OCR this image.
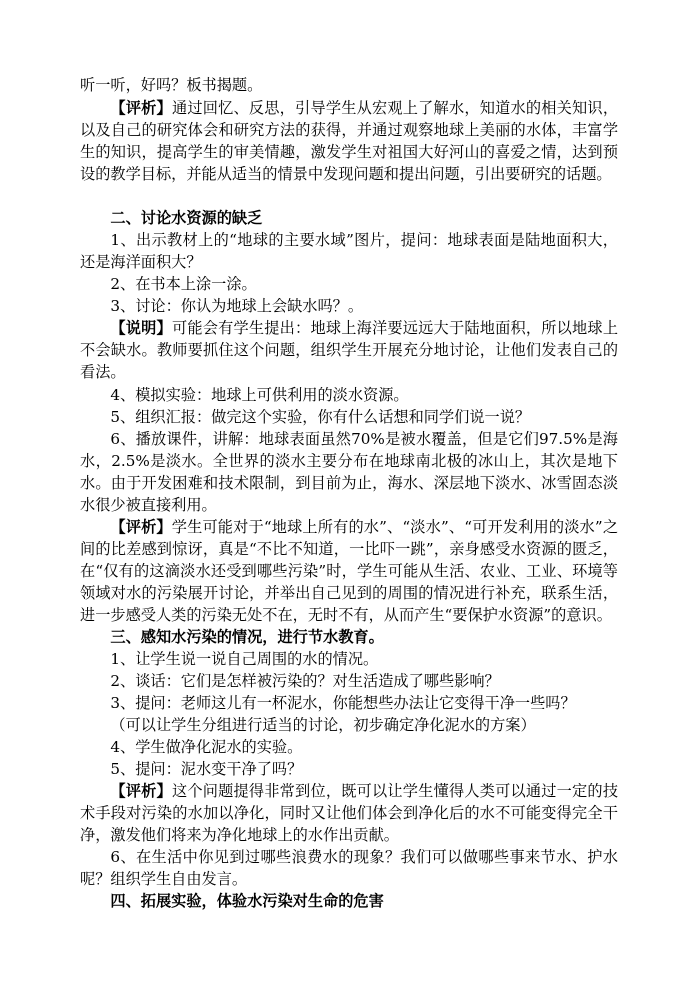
听一听，好吗？板书揭题。

【评析】通过回忆、反思，引导学生从宏观上了解水，知道水的相关知识，以及自己的研究体会和研究方法的获得，并通过观察地球上美丽的水体，丰富学生的知识，提高学生的审美情趣，激发学生对祖国大好河山的喜爱之情，达到预设的教学目标，并能从适当的情景中发现问题和提出问题，引出要研究的话题。

二、讨论水资源的缺乏

1、出示教材上的“地球的主要水域”图片，提问：地球表面是陆地面积大，还是海洋面积大？

2、在书本上涂一涂。

3、讨论：你认为地球上会缺水吗？。

【说明】可能会有学生提出：地球上海洋要远远大于陆地面积，所以地球上不会缺水。教师要抓住这个问题，组织学生开展充分地讨论，让他们发表自己的看法。

4、模拟实验：地球上可供利用的淡水资源。

5、组织汇报：做完这个实验，你有什么话想和同学们说一说？

6、播放课件，讲解：地球表面虽然70%是被水覆盖，但是它们97.5%是海水，2.5%是淡水。全世界的淡水主要分布在地球南北极的冰山上，其次是地下水。由于开发困难和技术限制，到目前为止，海水、深层地下淡水、冰雪固态淡水很少被直接利用。

【评析】学生可能对于“地球上所有的水”、“淡水”、“可开发利用的淡水”之间的比差感到惊讶，真是“不比不知道，一比吓一跳”，亲身感受水资源的匮乏，在“仅有的这滴淡水还受到哪些污染”时，学生可能从生活、农业、工业、环境等领域对水的污染展开讨论，并举出自己见到的周围的情况进行补充，联系生活，进一步感受人类的污染无处不在，无时不有，从而产生“要保护水资源”的意识。

三、感知水污染的情况，进行节水教育。

1、让学生说一说自己周围的水的情况。

2、谈话：它们是怎样被污染的？对生活造成了哪些影响？

3、提问：老师这儿有一杯泥水，你能想些办法让它变得干净一些吗？

（可以让学生分组进行适当的讨论，初步确定净化泥水的方案）

4、学生做净化泥水的实验。

5、提问：泥水变干净了吗？

【评析】这个问题提得非常到位，既可以让学生懂得人类可以通过一定的技术手段对污染的水加以净化，同时又让他们体会到净化后的水不可能变得完全干净，激发他们将来为净化地球上的水作出贡献。

6、在生活中你见到过哪些浪费水的现象？我们可以做哪些事来节水、护水呢？组织学生自由发言。

四、拓展实验，体验水污染对生命的危害
